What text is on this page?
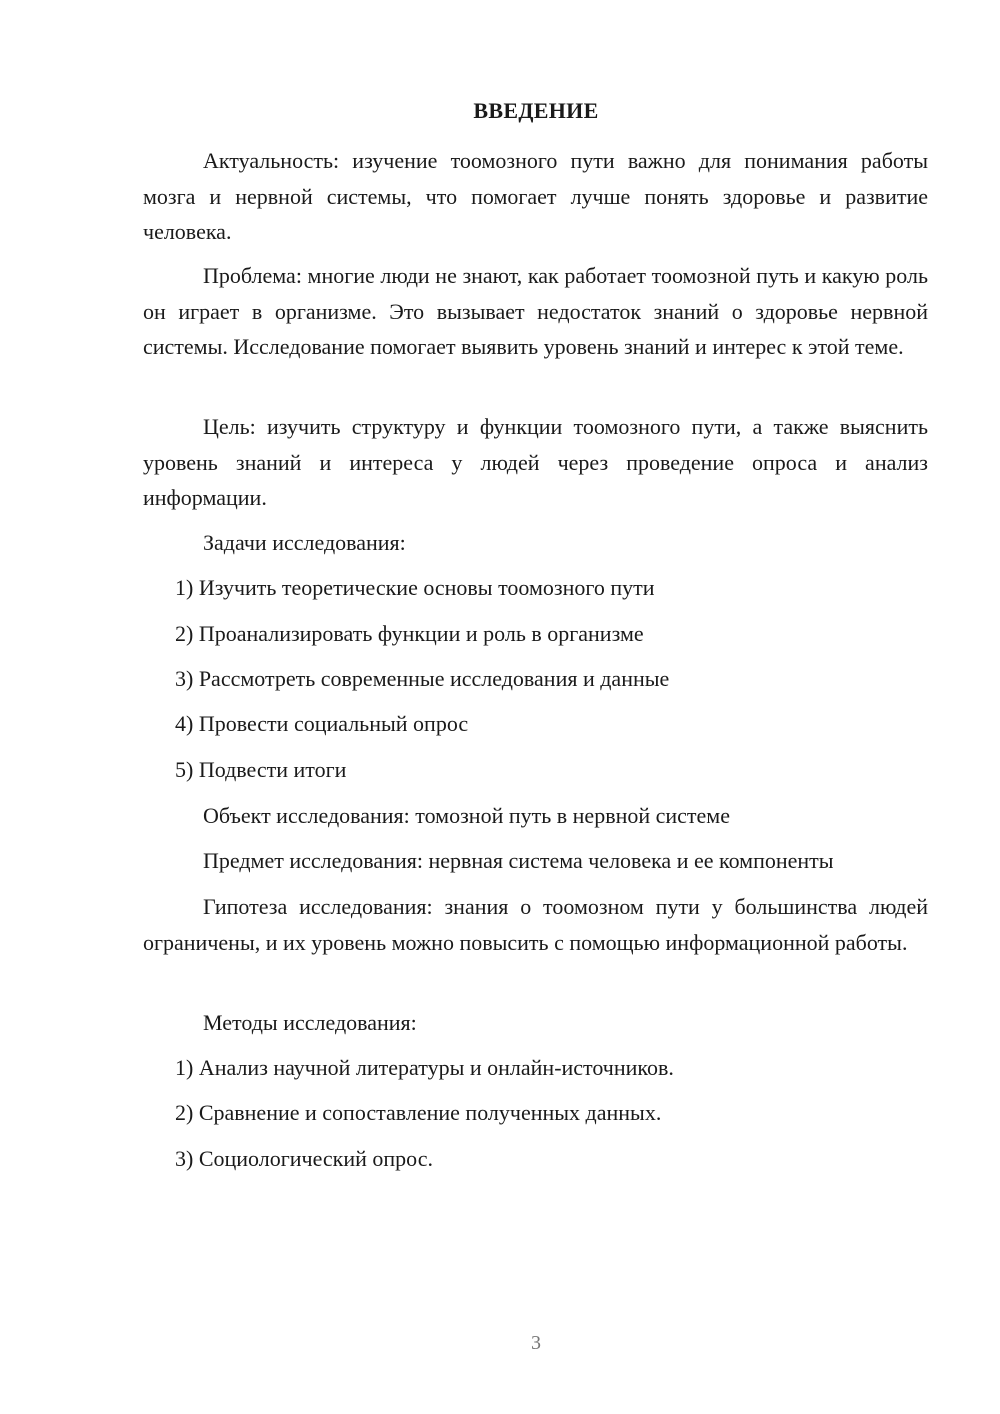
ВВЕДЕНИЕ

Актуальность: изучение тоомозного пути важно для понимания работы мозга и нервной системы, что помогает лучше понять здоровье и развитие человека.

Проблема: многие люди не знают, как работает тоомозной путь и какую роль он играет в организме. Это вызывает недостаток знаний о здоровье нервной системы. Исследование помогает выявить уровень знаний и интерес к этой теме.

Цель: изучить структуру и функции тоомозного пути, а также выяснить уровень знаний и интереса у людей через проведение опроса и анализ информации.

Задачи исследования:

1) Изучить теоретические основы тоомозного пути

2) Проанализировать функции и роль в организме

3) Рассмотреть современные исследования и данные

4) Провести социальный опрос

5) Подвести итоги

Объект исследования: томозной путь в нервной системе

Предмет исследования: нервная система человека и ее компоненты

Гипотеза исследования: знания о тоомозном пути у большинства людей ограничены, и их уровень можно повысить с помощью информационной работы.

Методы исследования:

1) Анализ научной литературы и онлайн-источников.

2) Сравнение и сопоставление полученных данных.

3) Социологический опрос.

3
